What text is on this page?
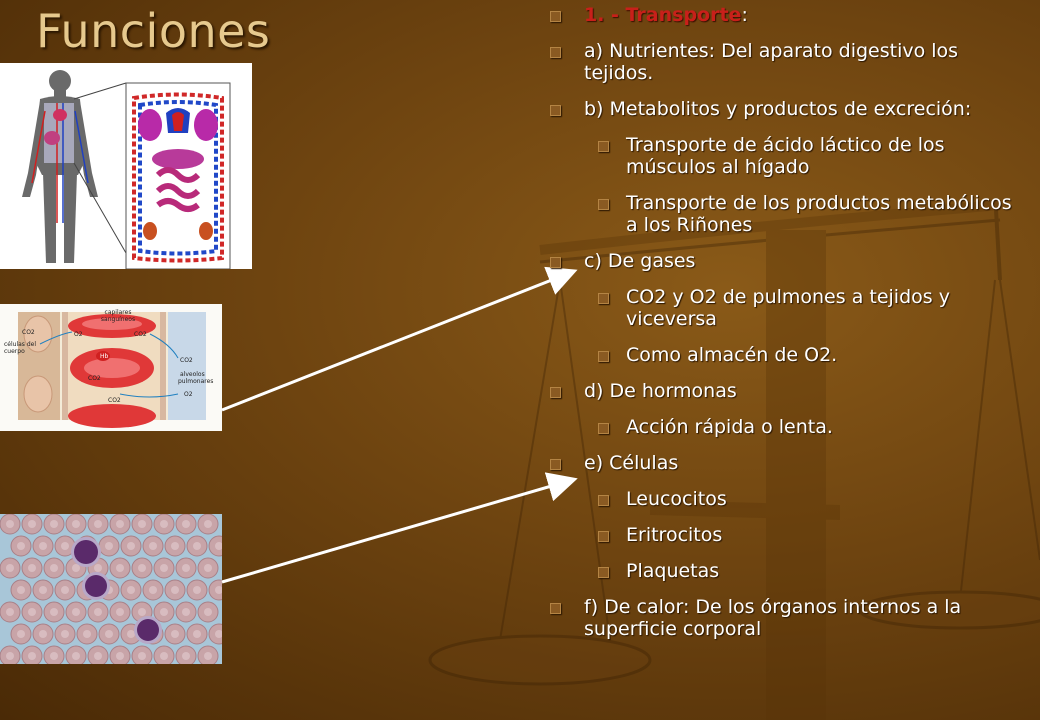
Funciones
capilares
sanguíneos
células del
cuerpo
alveolos
pulmonares
CO2	O2	CO2
CO2
Hb
CO2
CO2
O2
1. - Transporte:
a) Nutrientes: Del aparato digestivo los tejidos.
b) Metabolitos y productos de excreción:
Transporte de ácido láctico de los músculos al hígado
Transporte de los productos metabólicos a los Riñones
c) De gases
CO2 y O2 de pulmones a tejidos y viceversa
Como almacén de O2.
d) De hormonas
Acción rápida o lenta.
e) Células
Leucocitos
Eritrocitos
Plaquetas
f) De calor: De los órganos internos a la superficie corporal
